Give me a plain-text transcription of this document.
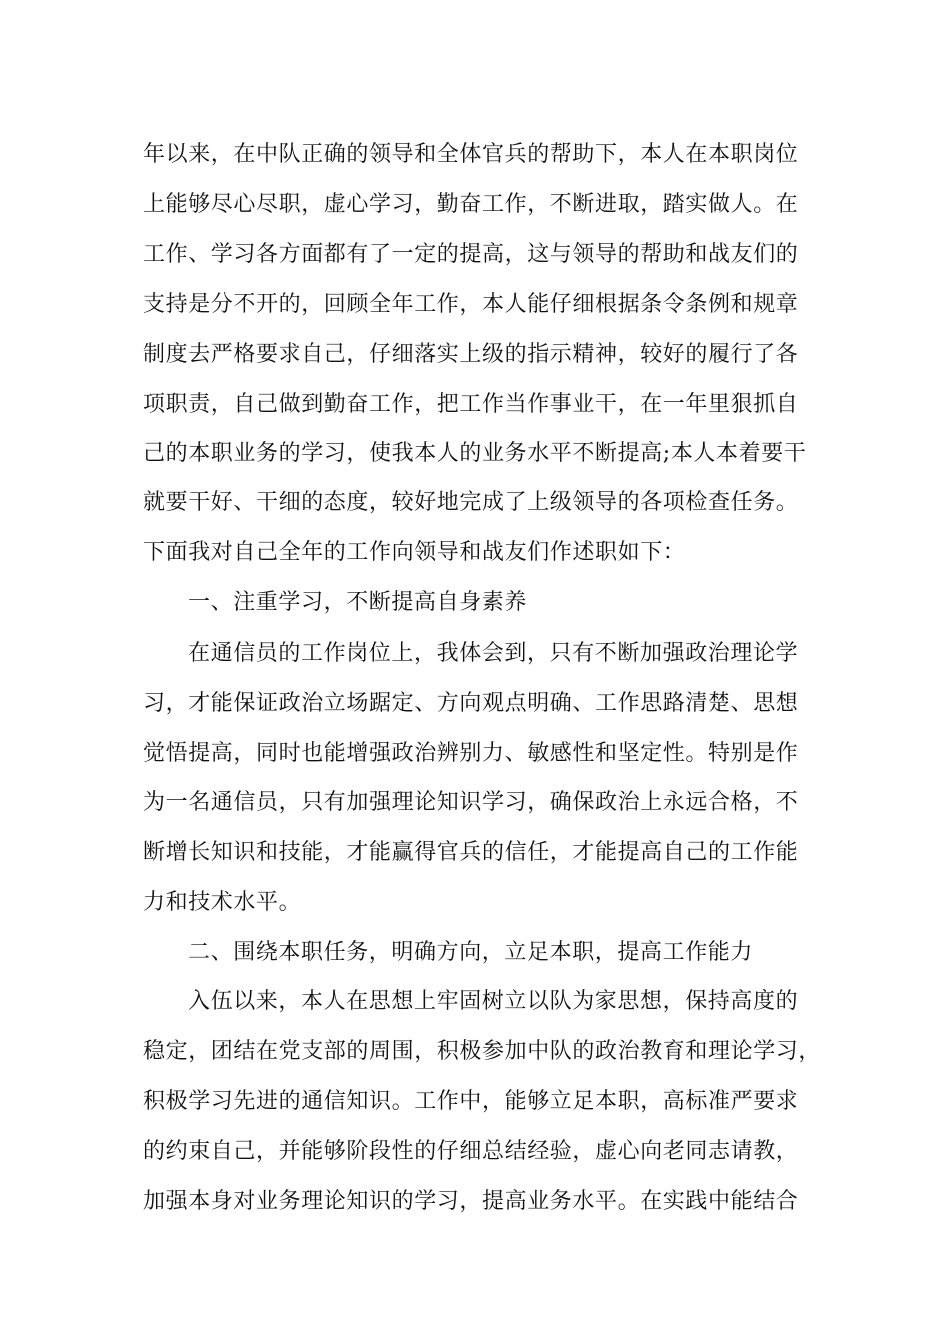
年以来，在中队正确的领导和全体官兵的帮助下，本人在本职岗位
上能够尽心尽职，虚心学习，勤奋工作，不断进取，踏实做人。在
工作、学习各方面都有了一定的提高，这与领导的帮助和战友们的
支持是分不开的，回顾全年工作，本人能仔细根据条令条例和规章
制度去严格要求自己，仔细落实上级的指示精神，较好的履行了各
项职责，自己做到勤奋工作，把工作当作事业干，在一年里狠抓自
己的本职业务的学习，使我本人的业务水平不断提高;本人本着要干
就要干好、干细的态度，较好地完成了上级领导的各项检查任务。
下面我对自己全年的工作向领导和战友们作述职如下：
一、注重学习，不断提高自身素养
在通信员的工作岗位上，我体会到，只有不断加强政治理论学
习，才能保证政治立场踞定、方向观点明确、工作思路清楚、思想
觉悟提高，同时也能增强政治辨别力、敏感性和坚定性。特别是作
为一名通信员，只有加强理论知识学习，确保政治上永远合格，不
断增长知识和技能，才能赢得官兵的信任，才能提高自己的工作能
力和技术水平。
二、围绕本职任务，明确方向，立足本职，提高工作能力
入伍以来，本人在思想上牢固树立以队为家思想，保持高度的
稳定，团结在党支部的周围，积极参加中队的政治教育和理论学习，
积极学习先进的通信知识。工作中，能够立足本职，高标准严要求
的约束自己，并能够阶段性的仔细总结经验，虚心向老同志请教，
加强本身对业务理论知识的学习，提高业务水平。在实践中能结合
